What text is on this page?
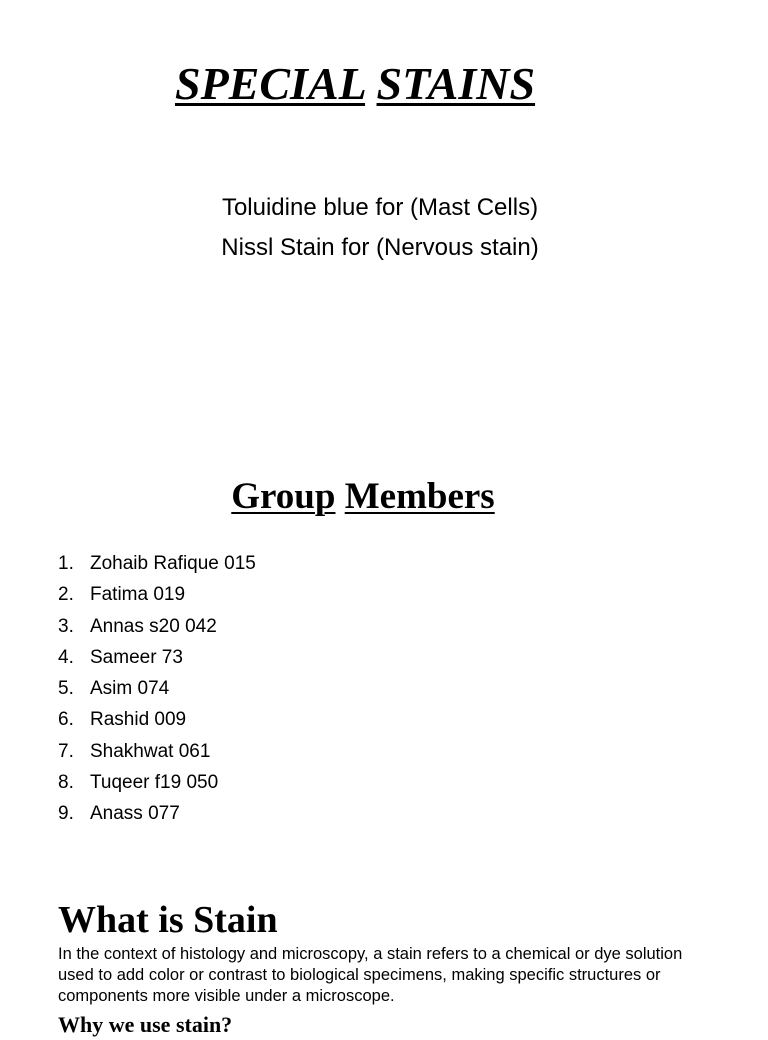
SPECIAL STAINS
Toluidine blue for (Mast Cells)
Nissl Stain for (Nervous stain)
Group Members
1. Zohaib Rafique 015
2. Fatima 019
3. Annas s20 042
4. Sameer 73
5. Asim 074
6. Rashid 009
7. Shakhwat 061
8. Tuqeer f19 050
9. Anass 077
What is Stain

In the context of histology and microscopy, a stain refers to a chemical or dye solution used to add color or contrast to biological specimens, making specific structures or components more visible under a microscope.

Why we use stain?
